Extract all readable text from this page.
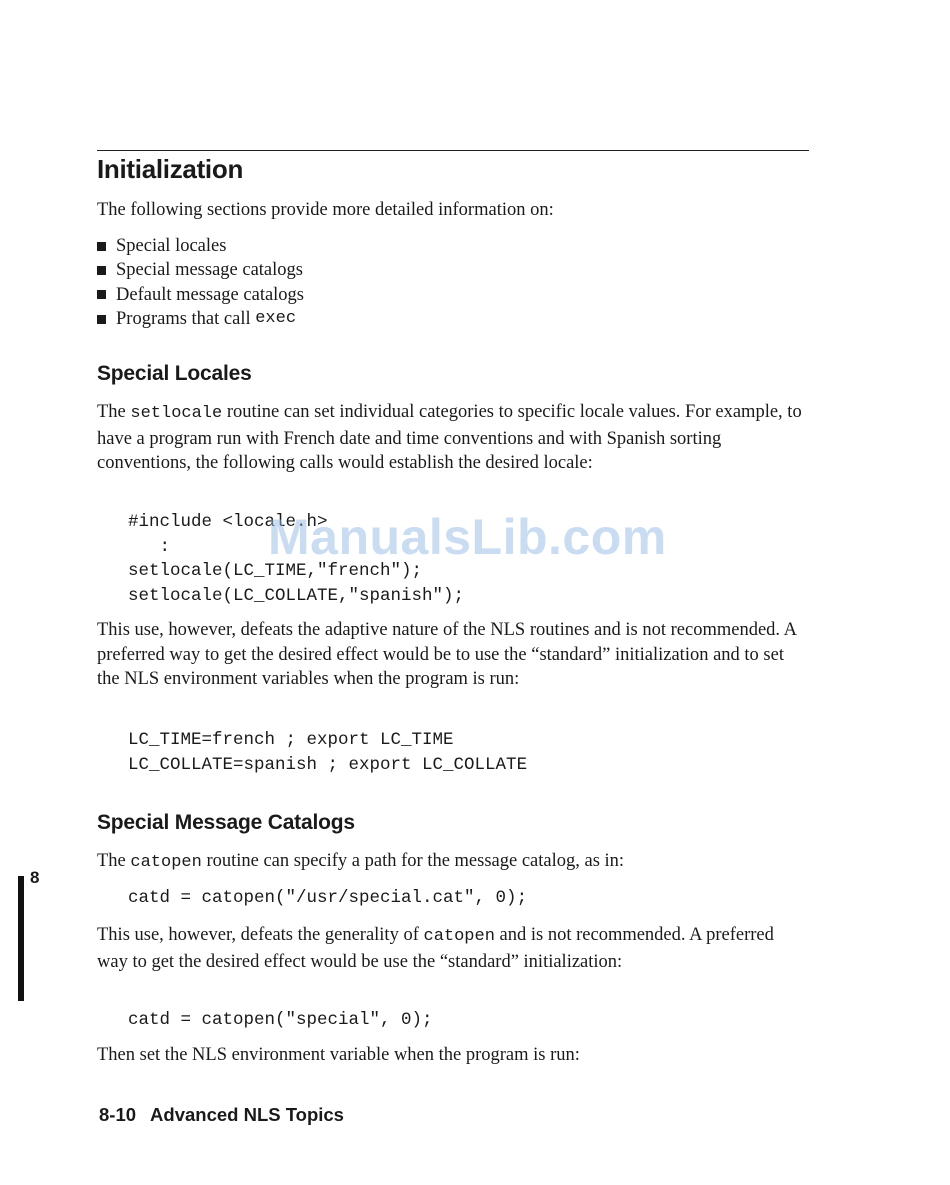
Initialization

The following sections provide more detailed information on:

Special locales
Special message catalogs
Default message catalogs
Programs that call
exec
Special Locales

The setlocale routine can set individual categories to specific locale values. For example, to have a program run with French date and time conventions and with Spanish sorting conventions, the following calls would establish the desired locale:

#include <locale.h>
:
setlocale(LC_TIME,"french");
setlocale(LC_COLLATE,"spanish");
ManualsLib.com

This use, however, defeats the adaptive nature of the NLS routines and is not recommended. A preferred way to get the desired effect would be to use the “standard” initialization and to set the NLS environment variables when the program is run:

LC_TIME=french ; export LC_TIME
LC_COLLATE=spanish ; export LC_COLLATE
Special Message Catalogs

The catopen routine can specify a path for the message catalog, as in:

catd = catopen("/usr/special.cat", 0);

This use, however, defeats the generality of catopen and is not recommended. A preferred way to get the desired effect would be use the “standard” initialization:

catd = catopen("special", 0);

Then set the NLS environment variable when the program is run:

8
8-10 Advanced NLS Topics
